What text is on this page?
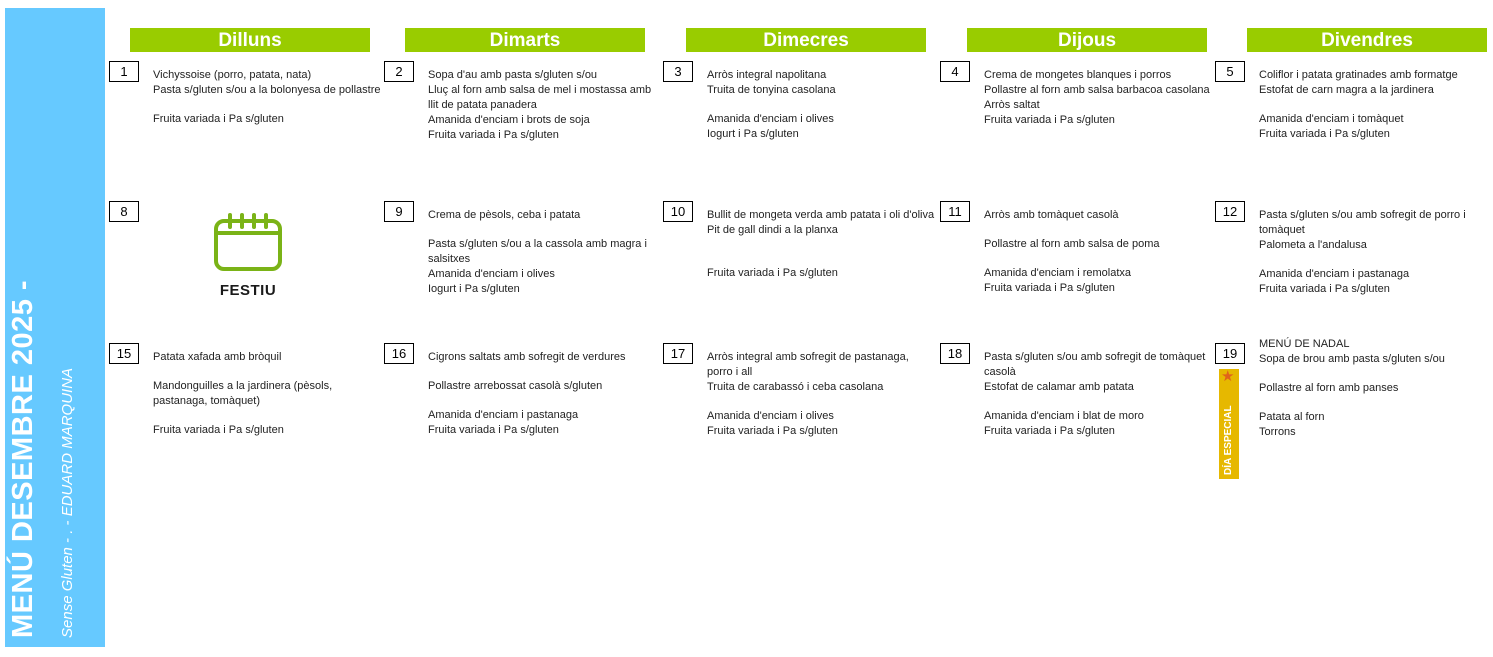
MENÚ DESEMBRE 2025 - Sense Gluten - . - EDUARD MARQUINA
Dilluns	Dimarts	Dimecres	Dijous	Divendres
1	Vichyssoise (porro, patata, nata)
Pasta s/gluten s/ou a la bolonyesa de pollastre
Fruita variada i Pa s/gluten
2	Sopa d'au amb pasta s/gluten s/ou
Lluç al forn amb salsa de mel i mostassa amb llit de patata panadera
Amanida d'enciam i brots de soja
Fruita variada i Pa s/gluten
3	Arròs integral napolitana
Truita de tonyina casolana
Amanida d'enciam i olives
Iogurt i Pa s/gluten
4	Crema de mongetes blanques i porros
Pollastre al forn amb salsa barbacoa casolana
Arròs saltat
Fruita variada i Pa s/gluten
5	Coliflor i patata gratinades amb formatge
Estofat de carn magra a la jardinera
Amanida d'enciam i tomàquet
Fruita variada i Pa s/gluten
8
FESTIU
9	Crema de pèsols, ceba i patata
Pasta s/gluten s/ou a la cassola amb magra i salsitxes
Amanida d'enciam i olives
Iogurt i Pa s/gluten
10	Bullit de mongeta verda amb patata i oli d'oliva
Pit de gall dindi a la planxa
Fruita variada i Pa s/gluten
11	Arròs amb tomàquet casolà
Pollastre al forn amb salsa de poma
Amanida d'enciam i remolatxa
Fruita variada i Pa s/gluten
12	Pasta s/gluten s/ou amb sofregit de porro i tomàquet
Palometa a l'andalusa
Amanida d'enciam i pastanaga
Fruita variada i Pa s/gluten
15	Patata xafada amb bròquil
Mandonguilles a la jardinera (pèsols, pastanaga, tomàquet)
Fruita variada i Pa s/gluten
16	Cigrons saltats amb sofregit de verdures
Pollastre arrebossat casolà s/gluten
Amanida d'enciam i pastanaga
Fruita variada i Pa s/gluten
17	Arròs integral amb sofregit de pastanaga, porro i all
Truita de carabassó i ceba casolana
Amanida d'enciam i olives
Fruita variada i Pa s/gluten
18	Pasta s/gluten s/ou amb sofregit de tomàquet casolà
Estofat de calamar amb patata
Amanida d'enciam i blat de moro
Fruita variada i Pa s/gluten
19
MENÚ DE NADAL
Sopa de brou amb pasta s/gluten s/ou
Pollastre al forn amb panses
Patata al forn
Torrons
★
DÍA ESPECIAL
